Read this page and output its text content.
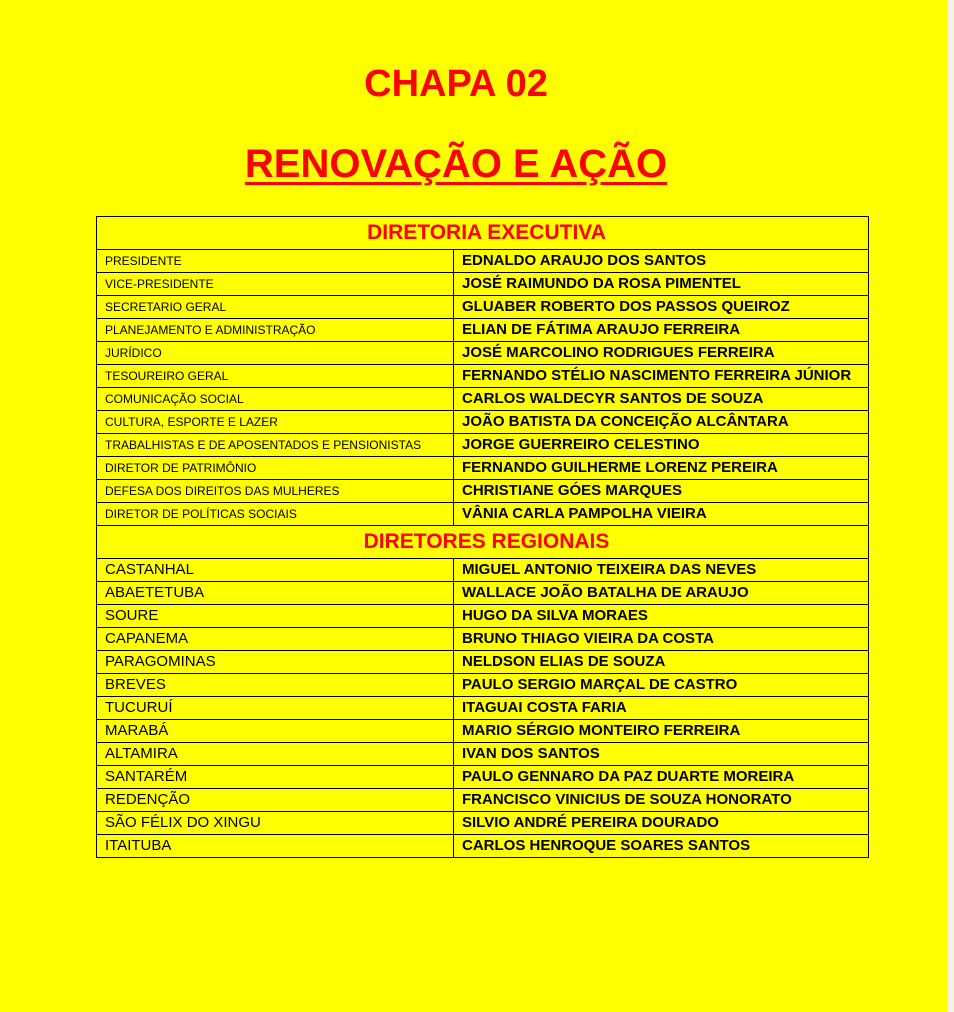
CHAPA 02
RENOVAÇÃO E AÇÃO
DIRETORIA EXECUTIVA	
PRESIDENTE	EDNALDO ARAUJO DOS SANTOS
VICE-PRESIDENTE	JOSÉ RAIMUNDO DA ROSA PIMENTEL
SECRETARIO GERAL	GLUABER ROBERTO DOS PASSOS QUEIROZ
PLANEJAMENTO E ADMINISTRAÇÃO	ELIAN DE FÁTIMA ARAUJO FERREIRA
JURÍDICO	JOSÉ MARCOLINO RODRIGUES FERREIRA
TESOUREIRO GERAL	FERNANDO STÉLIO NASCIMENTO FERREIRA JÚNIOR
COMUNICAÇÃO SOCIAL	CARLOS WALDECYR SANTOS DE SOUZA
CULTURA, ESPORTE E LAZER	JOÃO BATISTA DA CONCEIÇÃO ALCÂNTARA
TRABALHISTAS E DE APOSENTADOS E PENSIONISTAS	JORGE GUERREIRO CELESTINO
DIRETOR DE PATRIMÔNIO	FERNANDO GUILHERME LORENZ PEREIRA
DEFESA DOS DIREITOS DAS MULHERES	CHRISTIANE GÓES MARQUES
DIRETOR DE POLÍTICAS SOCIAIS	VÂNIA CARLA PAMPOLHA VIEIRA
DIRETORES REGIONAIS	
CASTANHAL	MIGUEL ANTONIO TEIXEIRA DAS NEVES
ABAETETUBA	WALLACE JOÃO BATALHA DE ARAUJO
SOURE	HUGO DA SILVA MORAES
CAPANEMA	BRUNO THIAGO VIEIRA DA COSTA
PARAGOMINAS	NELDSON ELIAS DE SOUZA
BREVES	PAULO SERGIO MARÇAL DE CASTRO
TUCURUÍ	ITAGUAI COSTA FARIA
MARABÁ	MARIO SÉRGIO MONTEIRO FERREIRA
ALTAMIRA	IVAN DOS SANTOS
SANTARÉM	PAULO GENNARO DA PAZ DUARTE MOREIRA
REDENÇÃO	FRANCISCO VINICIUS DE SOUZA HONORATO
SÃO FÉLIX DO XINGU	SILVIO ANDRÉ PEREIRA DOURADO
ITAITUBA	CARLOS HENROQUE SOARES SANTOS
